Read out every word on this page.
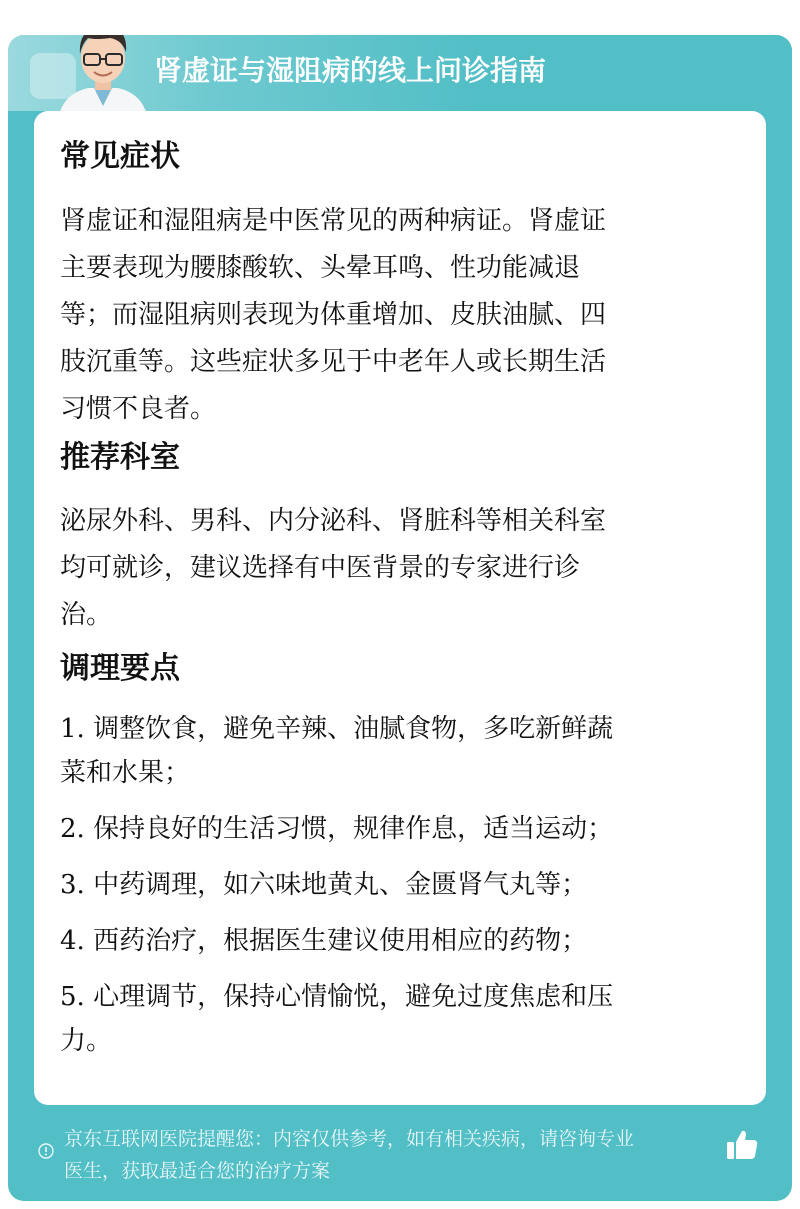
肾虚证与湿阻病的线上问诊指南
常见症状

肾虚证和湿阻病是中医常见的两种病证。肾虚证

主要表现为腰膝酸软、头晕耳鸣、性功能减退

等；而湿阻病则表现为体重增加、皮肤油腻、四

肢沉重等。这些症状多见于中老年人或长期生活

习惯不良者。

推荐科室

泌尿外科、男科、内分泌科、肾脏科等相关科室

均可就诊，建议选择有中医背景的专家进行诊

治。

调理要点
1. 调整饮食，避免辛辣、油腻食物，多吃新鲜蔬
菜和水果；
2. 保持良好的生活习惯，规律作息，适当运动；
3. 中药调理，如六味地黄丸、金匮肾气丸等；
4. 西药治疗，根据医生建议使用相应的药物；
5. 心理调节，保持心情愉悦，避免过度焦虑和压
力。
京东互联网医院提醒您：内容仅供参考，如有相关疾病，请咨询专业
医生，获取最适合您的治疗方案
